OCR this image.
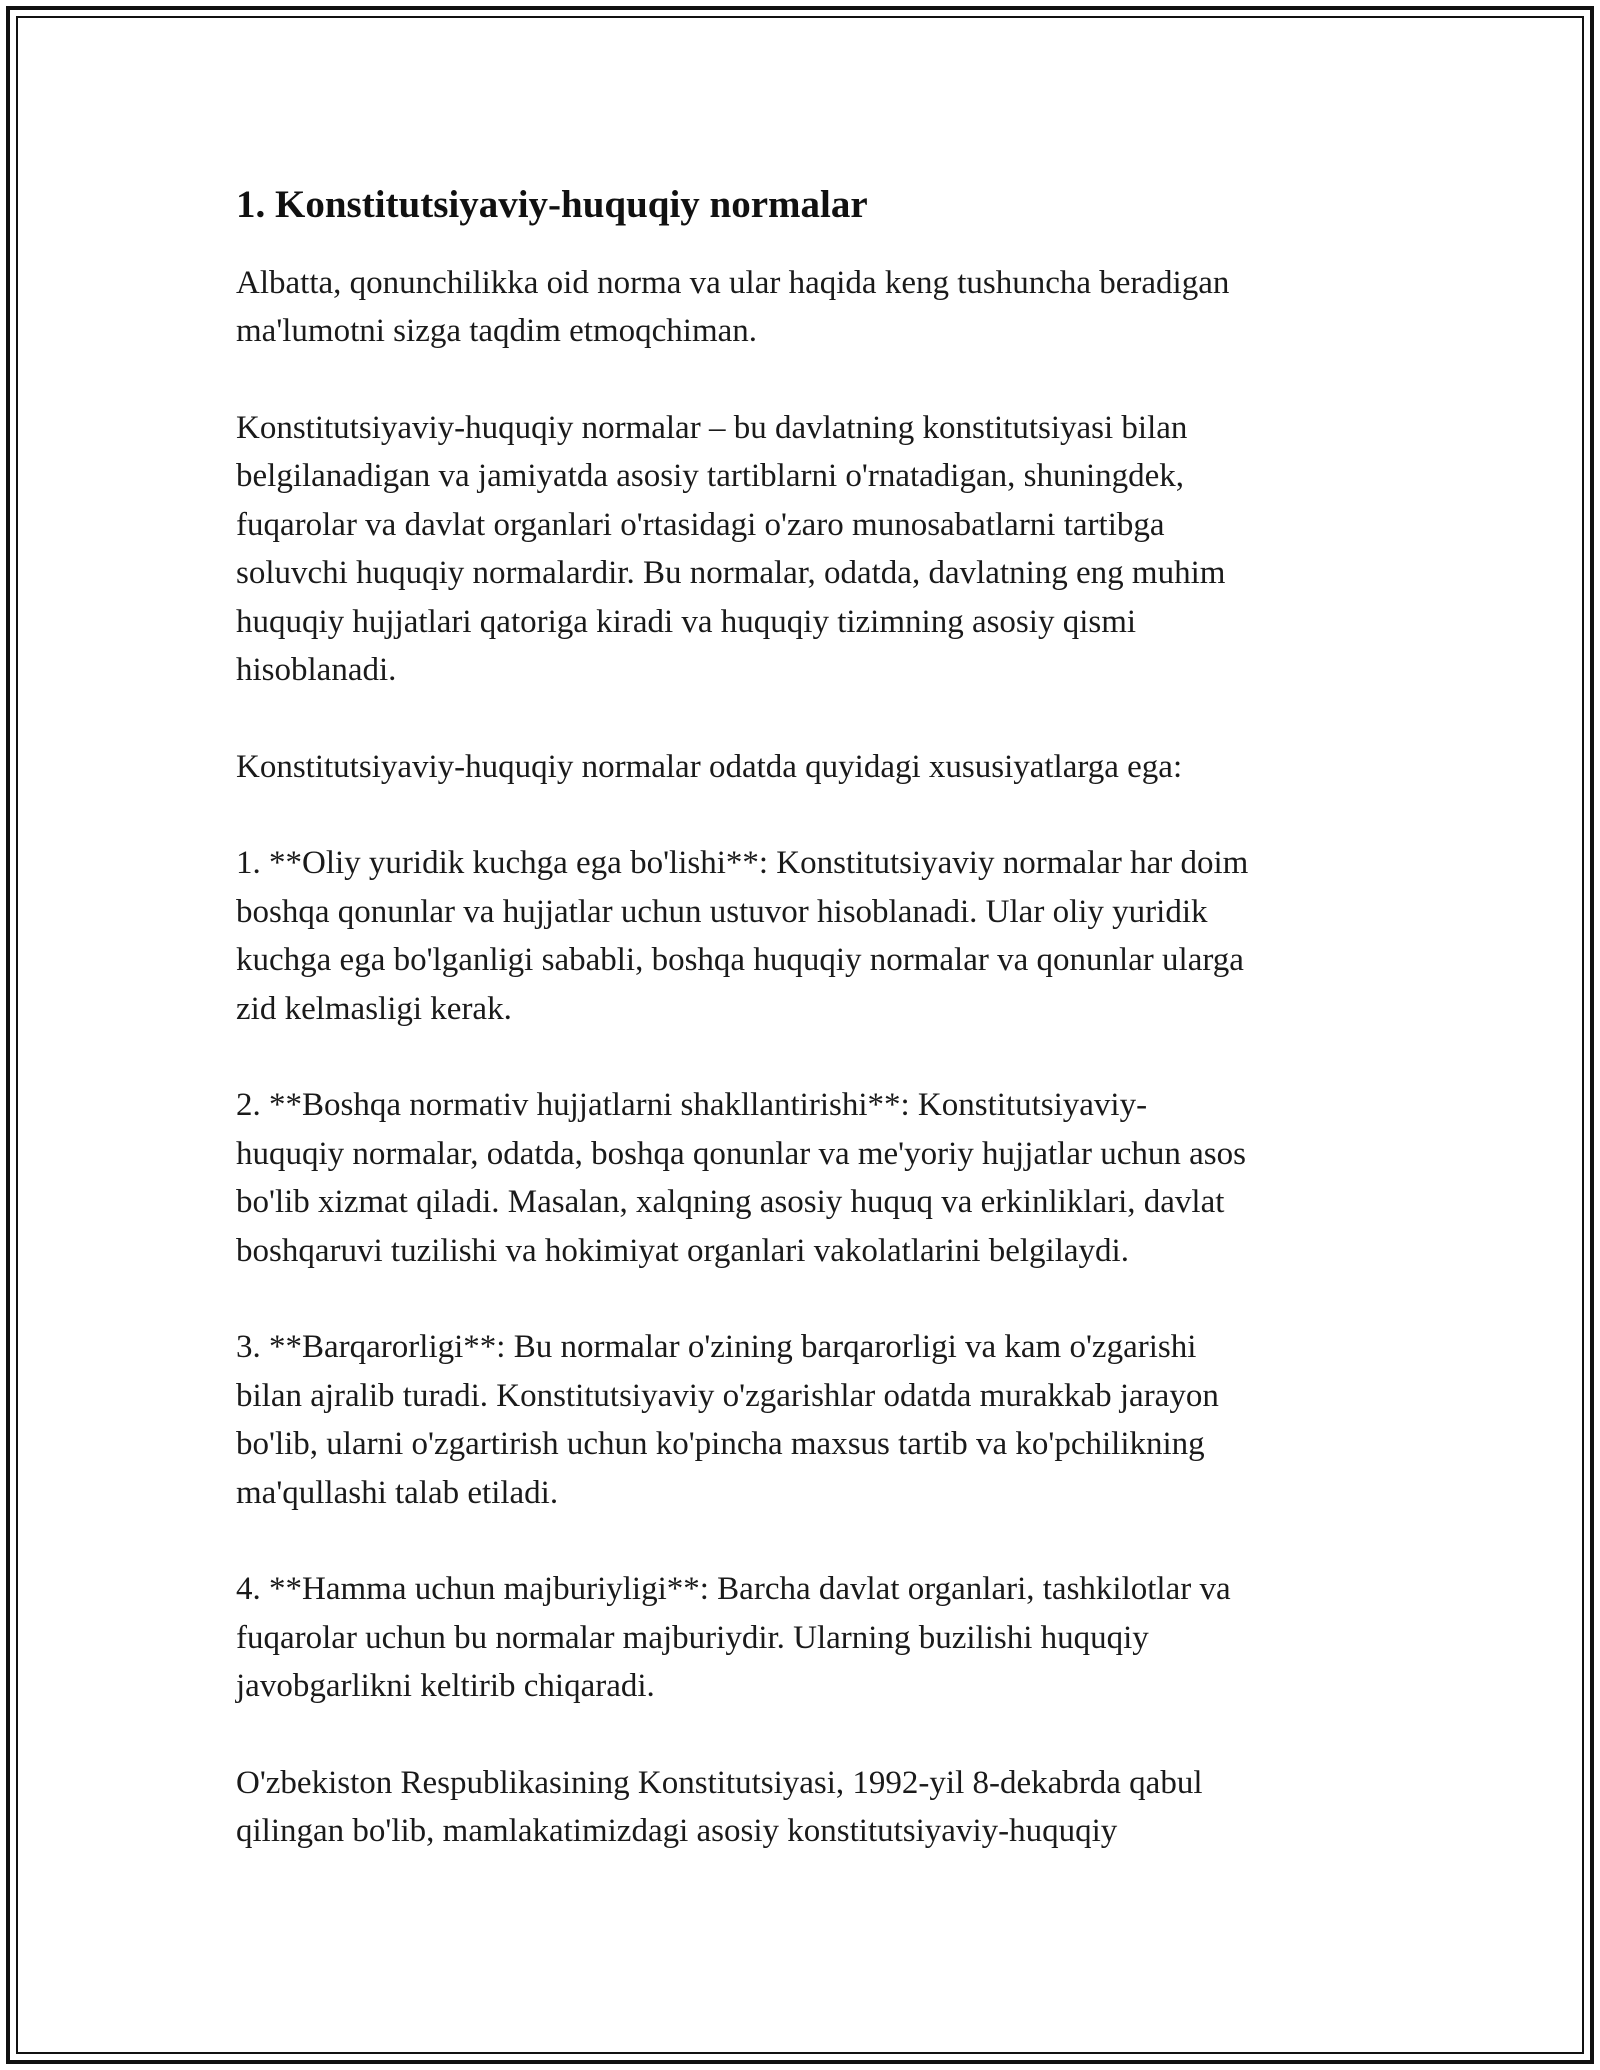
1. Konstitutsiyaviy-huquqiy normalar

Albatta, qonunchilikka oid norma va ular haqida keng tushuncha beradigan
ma'lumotni sizga taqdim etmoqchiman.

Konstitutsiyaviy-huquqiy normalar – bu davlatning konstitutsiyasi bilan
belgilanadigan va jamiyatda asosiy tartiblarni o'rnatadigan, shuningdek,
fuqarolar va davlat organlari o'rtasidagi o'zaro munosabatlarni tartibga
soluvchi huquqiy normalardir. Bu normalar, odatda, davlatning eng muhim
huquqiy hujjatlari qatoriga kiradi va huquqiy tizimning asosiy qismi
hisoblanadi.

Konstitutsiyaviy-huquqiy normalar odatda quyidagi xususiyatlarga ega:

1. **Oliy yuridik kuchga ega bo'lishi**: Konstitutsiyaviy normalar har doim
boshqa qonunlar va hujjatlar uchun ustuvor hisoblanadi. Ular oliy yuridik
kuchga ega bo'lganligi sababli, boshqa huquqiy normalar va qonunlar ularga
zid kelmasligi kerak.

2. **Boshqa normativ hujjatlarni shakllantirishi**: Konstitutsiyaviy-
huquqiy normalar, odatda, boshqa qonunlar va me'yoriy hujjatlar uchun asos
bo'lib xizmat qiladi. Masalan, xalqning asosiy huquq va erkinliklari, davlat
boshqaruvi tuzilishi va hokimiyat organlari vakolatlarini belgilaydi.

3. **Barqarorligi**: Bu normalar o'zining barqarorligi va kam o'zgarishi
bilan ajralib turadi. Konstitutsiyaviy o'zgarishlar odatda murakkab jarayon
bo'lib, ularni o'zgartirish uchun ko'pincha maxsus tartib va ko'pchilikning
ma'qullashi talab etiladi.

4. **Hamma uchun majburiyligi**: Barcha davlat organlari, tashkilotlar va
fuqarolar uchun bu normalar majburiydir. Ularning buzilishi huquqiy
javobgarlikni keltirib chiqaradi.

O'zbekiston Respublikasining Konstitutsiyasi, 1992-yil 8-dekabrda qabul
qilingan bo'lib, mamlakatimizdagi asosiy konstitutsiyaviy-huquqiy
